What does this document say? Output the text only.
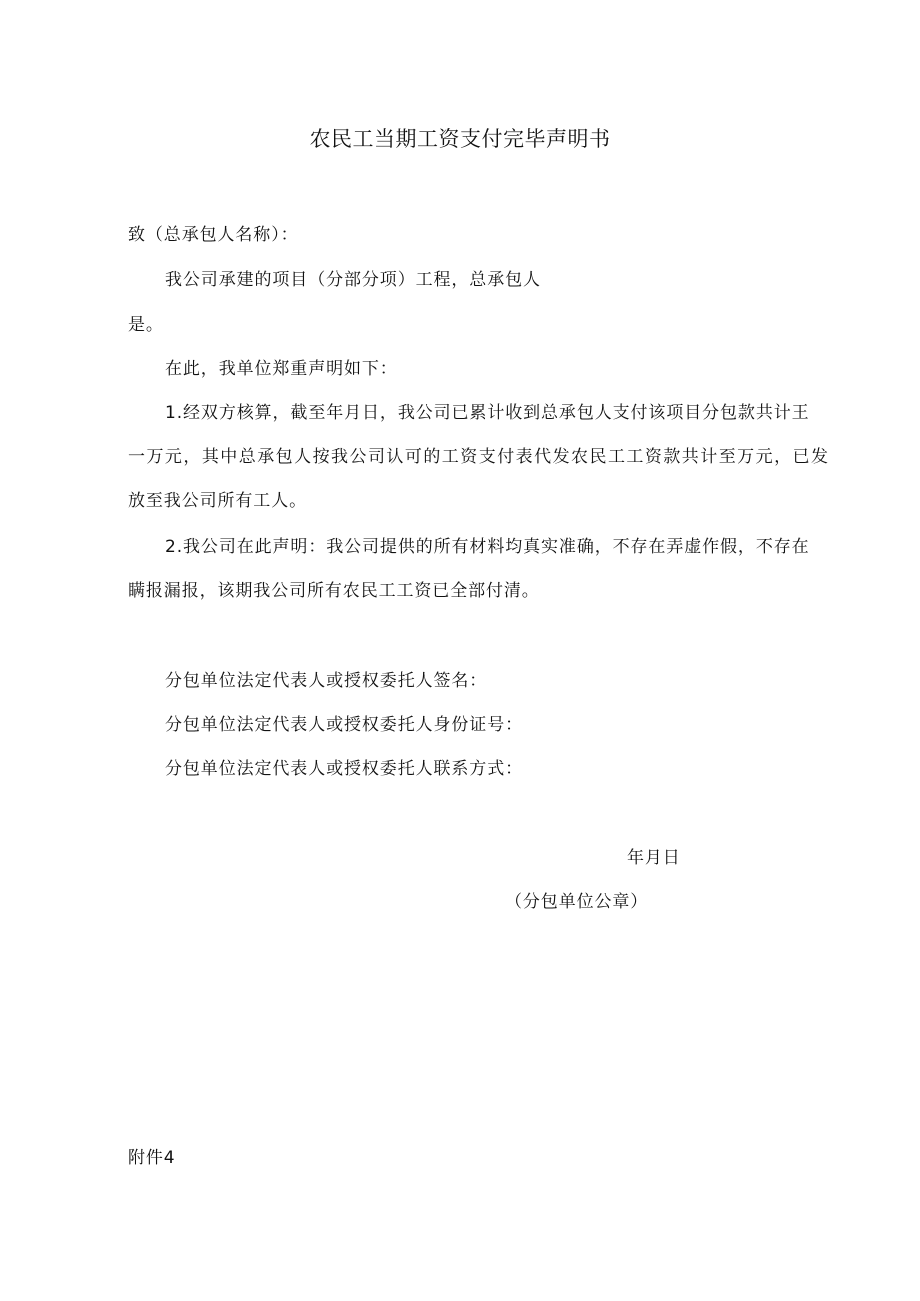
农民工当期工资支付完毕声明书
致（总承包人名称）：
我公司承建的项目（分部分项）工程，总承包人
是。
在此，我单位郑重声明如下：
1.经双方核算，截至年月日，我公司已累计收到总承包人支付该项目分包款共计王
一万元，其中总承包人按我公司认可的工资支付表代发农民工工资款共计至万元，已发
放至我公司所有工人。
2.我公司在此声明：我公司提供的所有材料均真实准确，不存在弄虚作假，不存在
瞒报漏报，该期我公司所有农民工工资已全部付清。
分包单位法定代表人或授权委托人签名：
分包单位法定代表人或授权委托人身份证号：
分包单位法定代表人或授权委托人联系方式：
年月日
（分包单位公章）
附件4
